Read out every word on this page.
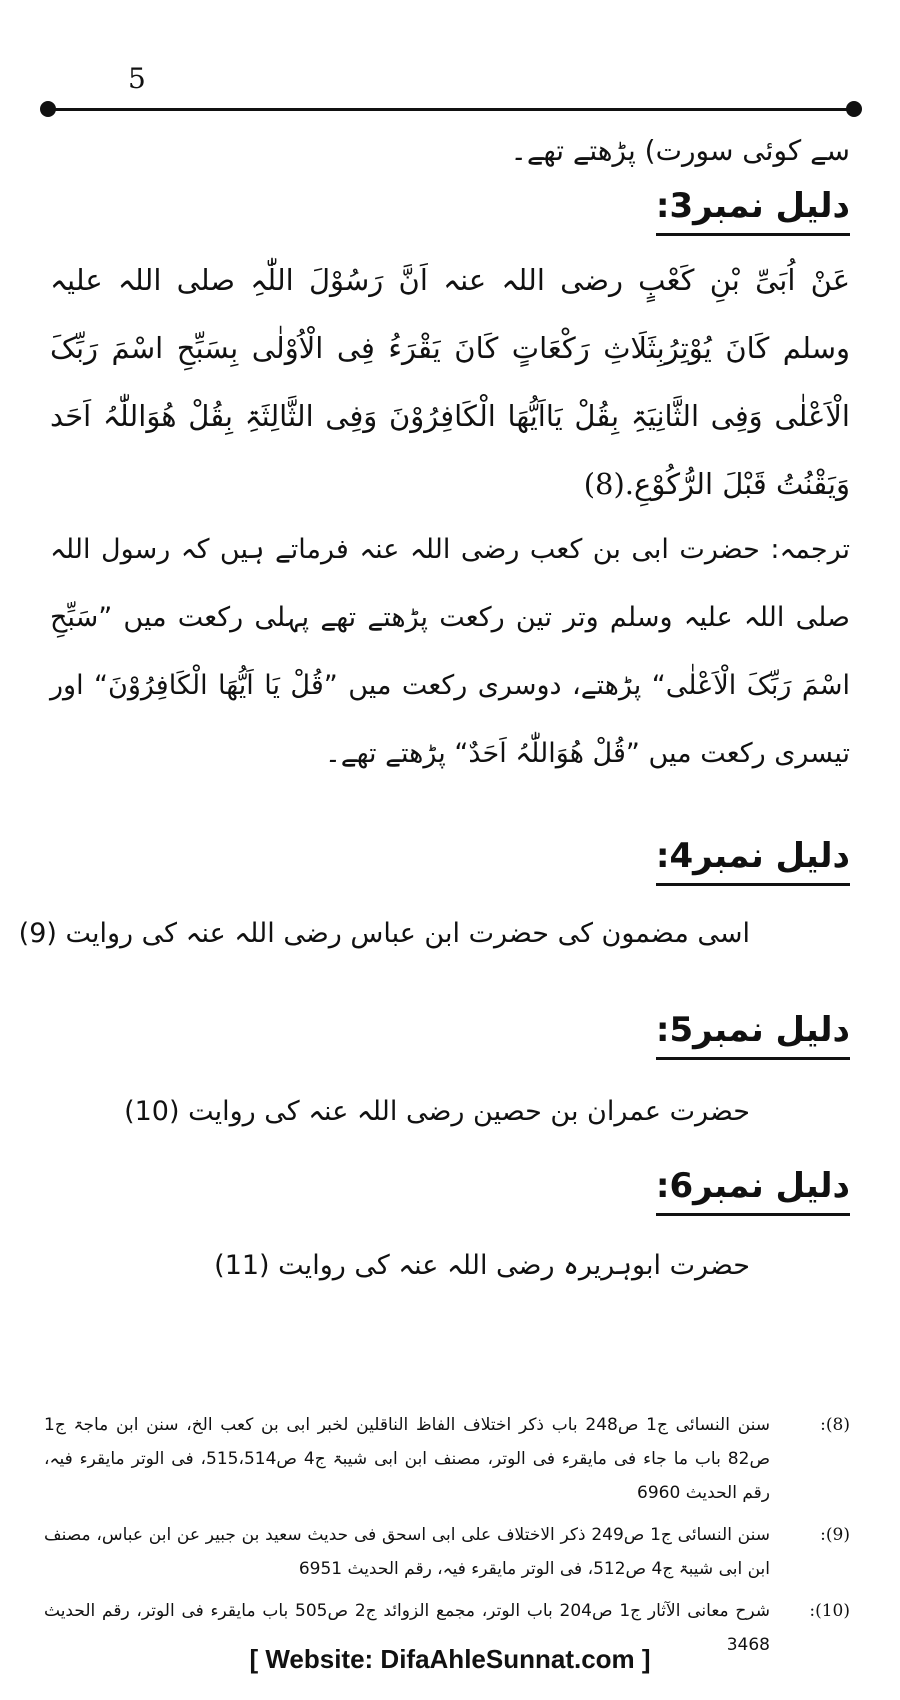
5
سے کوئی سورت) پڑھتے تھے۔
دلیل نمبر3:
عَنْ اُبَیِّ بْنِ کَعْبٍ رضی اللہ عنہ اَنَّ رَسُوْلَ اللّٰہِ صلی اللہ علیہ وسلم کَانَ یُوْتِرُبِثَلَاثِ رَکْعَاتٍ کَانَ یَقْرَءُ فِی الْاُوْلٰی بِسَبِّحِ اسْمَ رَبِّکَ الْاَعْلٰی وَفِی الثَّانِیَۃِ بِقُلْ یَااَیُّھَا الْکَافِرُوْنَ وَفِی الثَّالِثَۃِ بِقُلْ ھُوَاللّٰہُ اَحَد وَیَقْنُتُ قَبْلَ الرُّکُوْعِ.(8)
ترجمہ: حضرت ابی بن کعب رضی اللہ عنہ فرماتے ہیں کہ رسول اللہ صلی اللہ علیہ وسلم وتر تین رکعت پڑھتے تھے پہلی رکعت میں ”سَبِّحِ اسْمَ رَبِّکَ الْاَعْلٰی“ پڑھتے، دوسری رکعت میں ”قُلْ یَا اَیُّھَا الْکَافِرُوْنَ“ اور تیسری رکعت میں ”قُلْ ھُوَاللّٰہُ اَحَدٌ“ پڑھتے تھے۔
دلیل نمبر4:
اسی مضمون کی حضرت ابن عباس رضی اللہ عنہ کی روایت (9)
دلیل نمبر5:
حضرت عمران بن حصین رضی اللہ عنہ کی روایت (10)
دلیل نمبر6:
حضرت ابوہریرہ رضی اللہ عنہ کی روایت (11)
(8):
سنن النسائی ج1 ص248 باب ذکر اختلاف الفاظ الناقلین لخبر ابی بن کعب الخ، سنن ابن ماجۃ ج1 ص82 باب ما جاء فی مایقرء فی الوتر، مصنف ابن ابی شیبۃ ج4 ص515،514، فی الوتر مایقرء فیہ، رقم الحدیث 6960
(9):
سنن النسائی ج1 ص249 ذکر الاختلاف علی ابی اسحق فی حدیث سعید بن جبیر عن ابن عباس، مصنف ابن ابی شیبۃ ج4 ص512، فی الوتر مایقرء فیہ، رقم الحدیث 6951
(10):
شرح معانی الآثار ج1 ص204 باب الوتر، مجمع الزوائد ج2 ص505 باب مایقرء فی الوتر، رقم الحدیث 3468
[ Website: DifaAhleSunnat.com ]
